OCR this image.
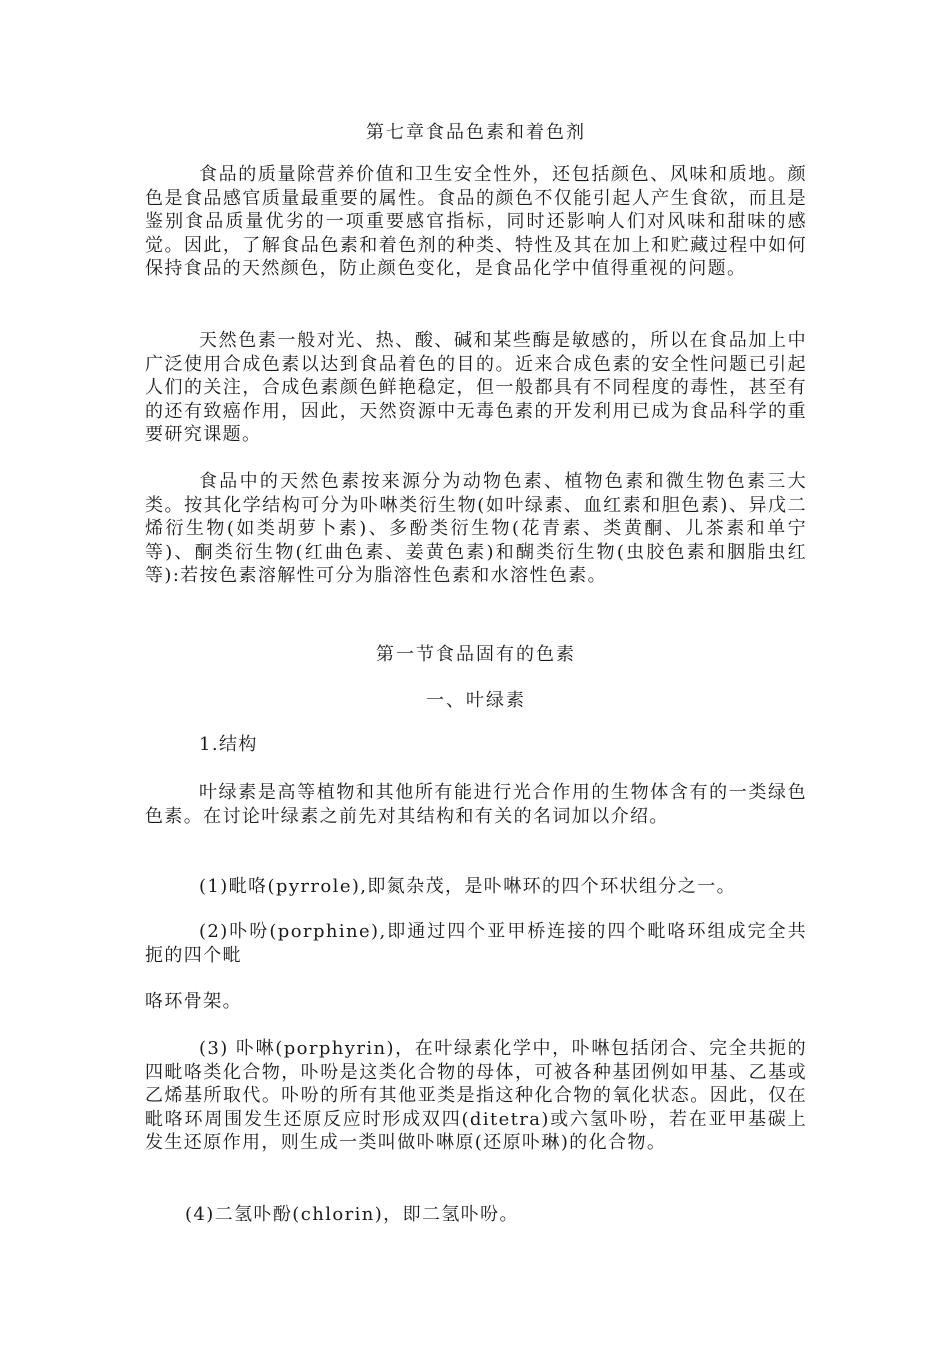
第七章食品色素和着色剂
食品的质量除营养价值和卫生安全性外，还包括颜色、风味和质地。颜色是食品感官质量最重要的属性。食品的颜色不仅能引起人产生食欲，而且是鉴别食品质量优劣的一项重要感官指标，同时还影响人们对风味和甜味的感觉。因此，了解食品色素和着色剂的种类、特性及其在加上和贮藏过程中如何保持食品的天然颜色，防止颜色变化，是食品化学中值得重视的问题。
天然色素一般对光、热、酸、碱和某些酶是敏感的，所以在食品加上中广泛使用合成色素以达到食品着色的目的。近来合成色素的安全性问题已引起人们的关注，合成色素颜色鲜艳稳定，但一般都具有不同程度的毒性，甚至有的还有致癌作用，因此，天然资源中无毒色素的开发利用已成为食品科学的重要研究课题。
食品中的天然色素按来源分为动物色素、植物色素和微生物色素三大类。按其化学结构可分为卟啉类衍生物(如叶绿素、血红素和胆色素)、异戊二烯衍生物(如类胡萝卜素)、多酚类衍生物(花青素、类黄酮、儿茶素和单宁等)、酮类衍生物(红曲色素、姜黄色素)和醐类衍生物(虫胶色素和胭脂虫红等):若按色素溶解性可分为脂溶性色素和水溶性色素。
第一节食品固有的色素
一、叶绿素
1.结构
叶绿素是高等植物和其他所有能进行光合作用的生物体含有的一类绿色色素。在讨论叶绿素之前先对其结构和有关的名词加以介绍。
(1)毗咯(pyrrole),即氮杂茂，是卟啉环的四个环状组分之一。
(2)卟吩(porphine),即通过四个亚甲桥连接的四个毗咯环组成完全共扼的四个毗
咯环骨架。
(3) 卟啉(porphyrin)，在叶绿素化学中，卟啉包括闭合、完全共扼的四毗咯类化合物，卟吩是这类化合物的母体，可被各种基团例如甲基、乙基或乙烯基所取代。卟吩的所有其他亚类是指这种化合物的氧化状态。因此，仅在毗咯环周围发生还原反应时形成双四(ditetra)或六氢卟吩，若在亚甲基碳上发生还原作用，则生成一类叫做卟啉原(还原卟琳)的化合物。
(4)二氢卟酚(chlorin)，即二氢卟吩。
